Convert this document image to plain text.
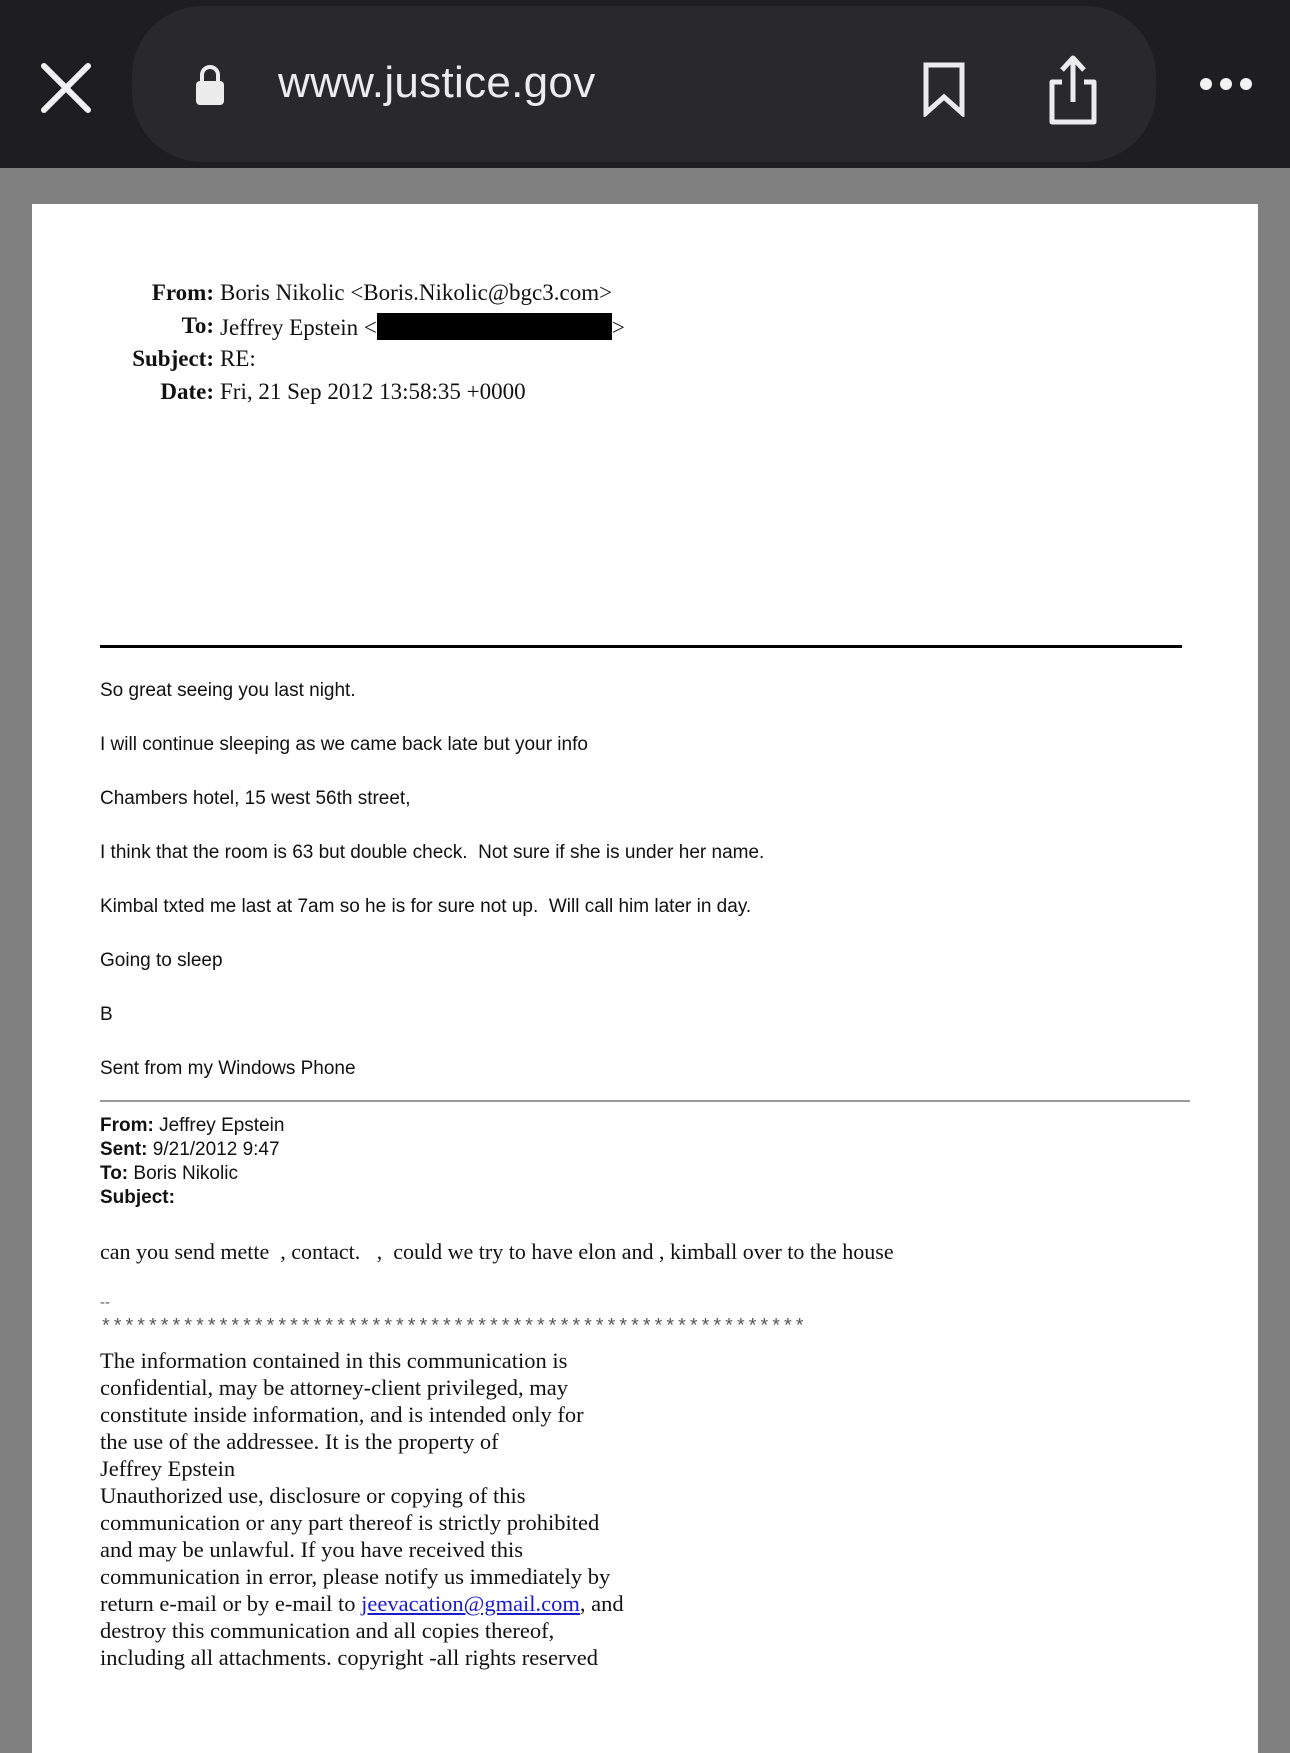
www.justice.gov
From: Boris Nikolic <Boris.Nikolic@bgc3.com>
To: Jeffrey Epstein <	>
Subject: RE:
Date: Fri, 21 Sep 2012 13:58:35 +0000

So great seeing you last night.

I will continue sleeping as we came back late but your info

Chambers hotel, 15 west 56th street,

I think that the room is 63 but double check.  Not sure if she is under her name.

Kimbal txted me last at 7am so he is for sure not up.  Will call him later in day.

Going to sleep

B

Sent from my Windows Phone

From: Jeffrey Epstein
Sent: 9/21/2012 9:47
To: Boris Nikolic
Subject:
can you send mette  , contact.   ,  could we try to have elon and , kimball over to the house
--
************************************************************
The information contained in this communication is
confidential, may be attorney-client privileged, may
constitute inside information, and is intended only for
the use of the addressee. It is the property of
Jeffrey Epstein
Unauthorized use, disclosure or copying of this
communication or any part thereof is strictly prohibited
and may be unlawful. If you have received this
communication in error, please notify us immediately by
return e-mail or by e-mail to jeevacation@gmail.com, and
destroy this communication and all copies thereof,
including all attachments. copyright -all rights reserved
